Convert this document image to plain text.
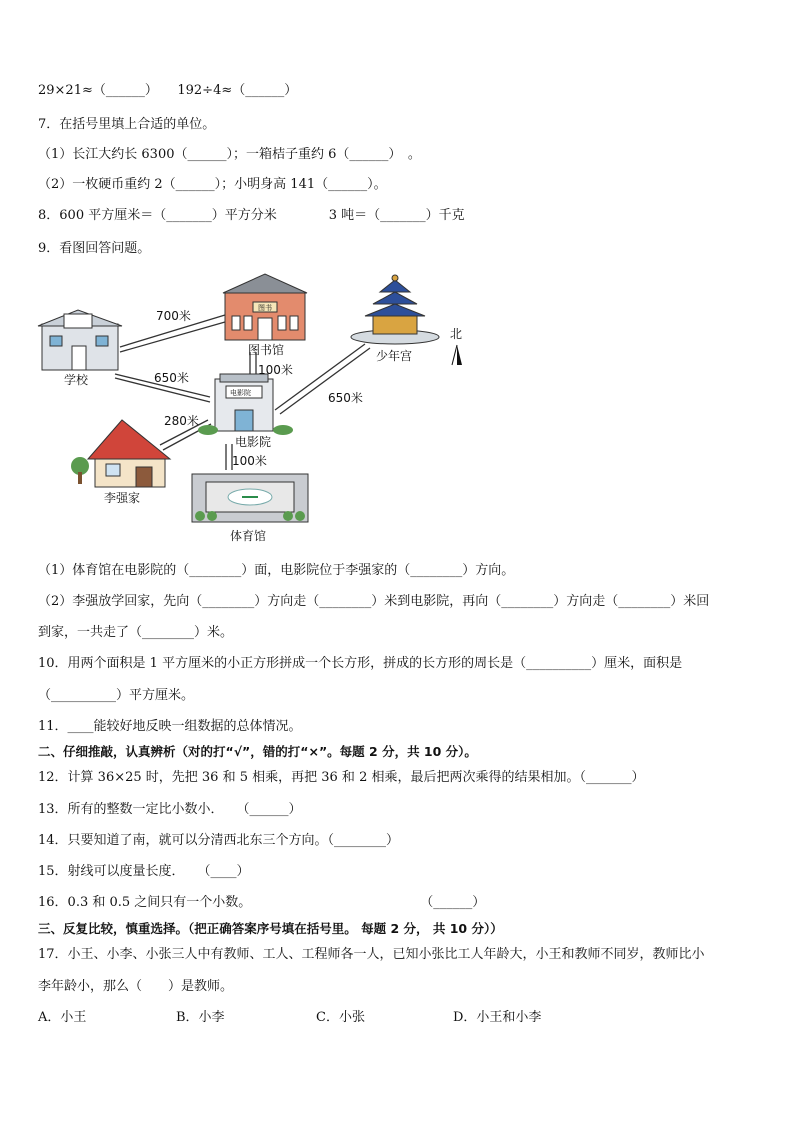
29×21≈（______）　　192÷4≈（______）
7．在括号里填上合适的单位。
（1）长江大约长 6300（______）；一箱桔子重约 6（______）　。
（2）一枚硬币重约 2（______）；小明身高 141（______）。
8．600 平方厘米＝（_______）平方分米　　　　3 吨＝（_______）千克
9．看图回答问题。
学校
图书
图书馆	少年宫
北
电影院
电影院
李强家
体育馆
700米
100米
650米
650米
280米
100米
（1）体育馆在电影院的（________）面，电影院位于李强家的（________）方向。
（2）李强放学回家，先向（________）方向走（________）米到电影院，再向（________）方向走（________）米回
到家，一共走了（________）米。
10．用两个面积是 1 平方厘米的小正方形拼成一个长方形，拼成的长方形的周长是（__________）厘米，面积是
（__________）平方厘米。
11．____能较好地反映一组数据的总体情况。
二、仔细推敲，认真辨析（对的打“√”，错的打“×”。每题 2 分，共 10 分）。
12．计算 36×25 时，先把 36 和 5 相乘，再把 36 和 2 相乘，最后把两次乘得的结果相加。（_______）
13．所有的整数一定比小数小．　　（______）
14．只要知道了南，就可以分清西北东三个方向。（________）
15．射线可以度量长度．　　（____）
16．0.3 和 0.5 之间只有一个小数。　　　　　　　　　　　　　　（______）
三、反复比较，慎重选择。（把正确答案序号填在括号里。 每题 2 分， 共 10 分））
17．小王、小李、小张三人中有教师、工人、工程师各一人，已知小张比工人年龄大，小王和教师不同岁，教师比小
李年龄小，那么（　　）是教师。
A．小王	B．小李	C．小张	D．小王和小李
